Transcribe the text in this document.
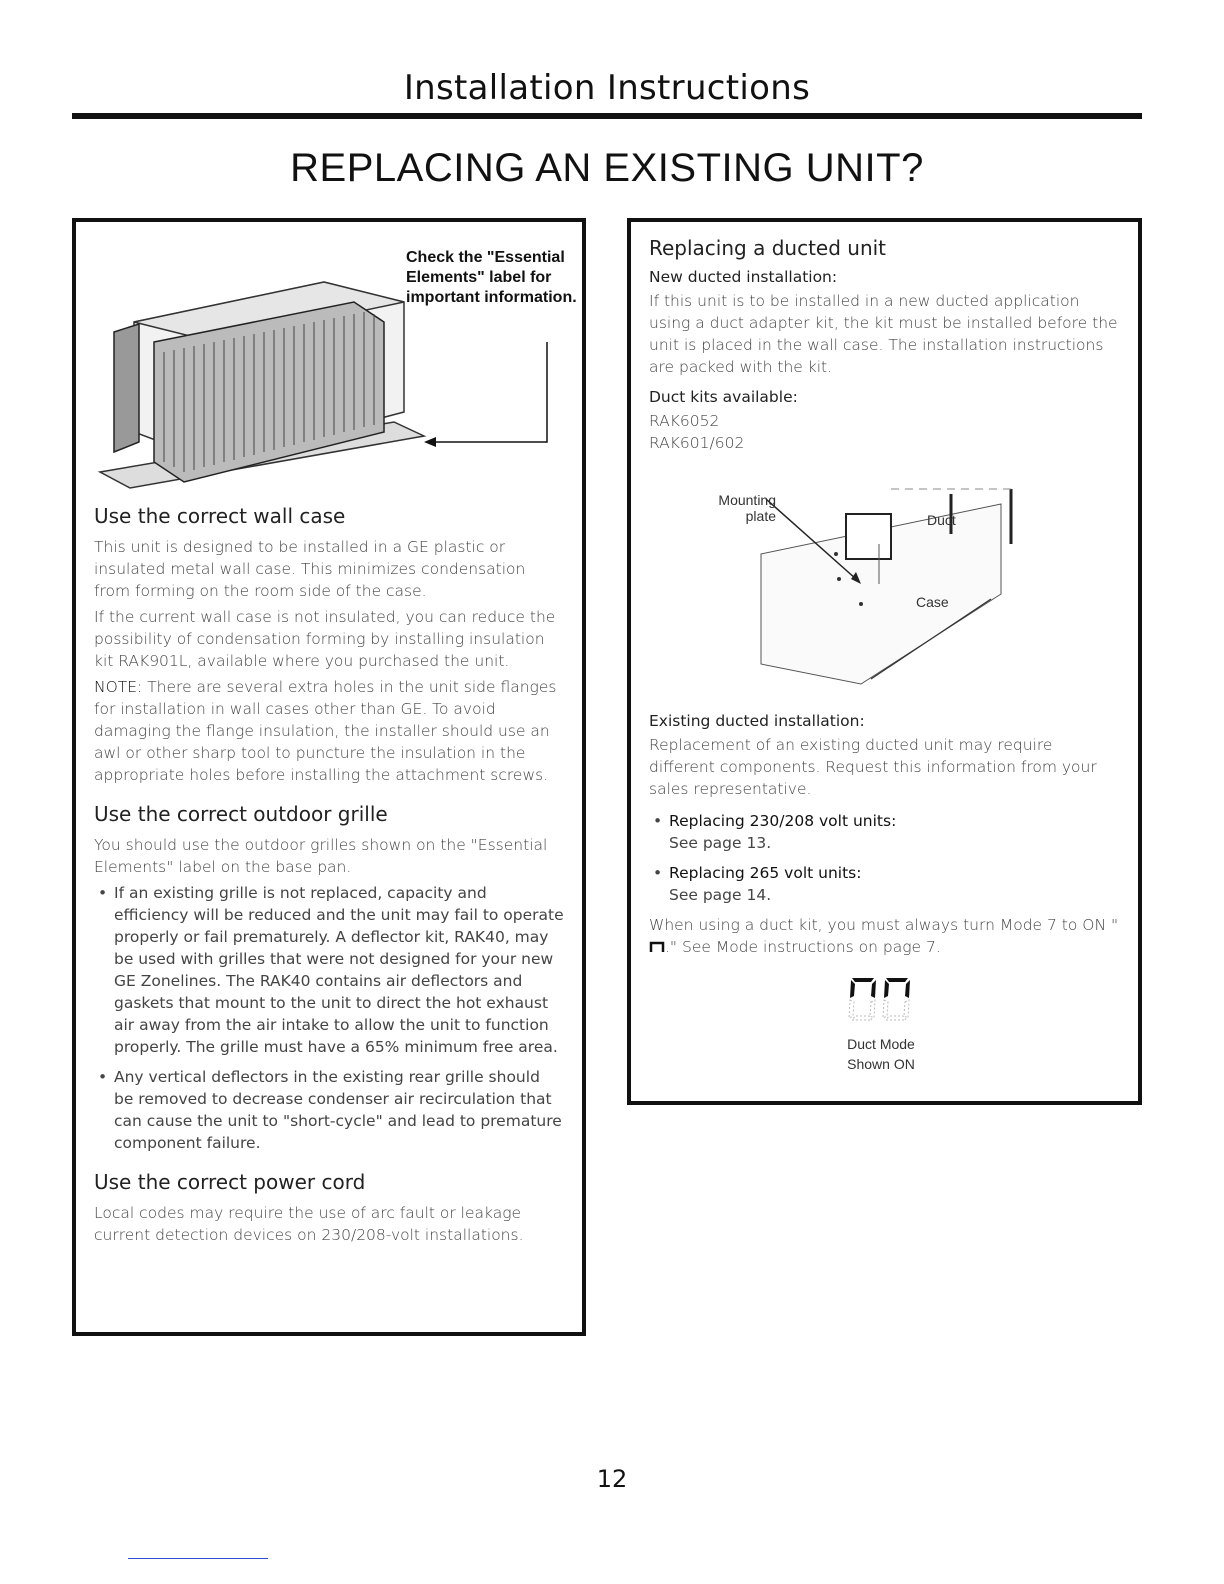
Installation Instructions
REPLACING AN EXISTING UNIT?
Check the "Essential Elements" label for important information.
Use the correct wall case

This unit is designed to be installed in a GE plastic or insulated metal wall case. This minimizes condensation from forming on the room side of the case.

If the current wall case is not insulated, you can reduce the possibility of condensation forming by installing insulation kit RAK901L, available where you purchased the unit.

NOTE: There are several extra holes in the unit side flanges for installation in wall cases other than GE. To avoid damaging the flange insulation, the installer should use an awl or other sharp tool to puncture the insulation in the appropriate holes before installing the attachment screws.

Use the correct outdoor grille

You should use the outdoor grilles shown on the "Essential Elements" label on the base pan.

• If an existing grille is not replaced, capacity and efficiency will be reduced and the unit may fail to operate properly or fail prematurely. A deflector kit, RAK40, may be used with grilles that were not designed for your new GE Zonelines. The RAK40 contains air deflectors and gaskets that mount to the unit to direct the hot exhaust air away from the air intake to allow the unit to function properly. The grille must have a 65% minimum free area.
• Any vertical deflectors in the existing rear grille should be removed to decrease condenser air recirculation that can cause the unit to "short-cycle" and lead to premature component failure.
Use the correct power cord

Local codes may require the use of arc fault or leakage current detection devices on 230/208-volt installations.

Replacing a ducted unit
New ducted installation:

If this unit is to be installed in a new ducted application using a duct adapter kit, the kit must be installed before the unit is placed in the wall case. The installation instructions are packed with the kit.

Duct kits available:

RAK6052

RAK601/602

Mounting plate	Duct
Case
Existing ducted installation:

Replacement of an existing ducted unit may require different components. Request this information from your sales representative.

• Replacing 230/208 volt units:
See page 13.
• Replacing 265 volt units:
See page 14.

When using a duct kit, you must always turn Mode 7 to ON "." See Mode instructions on page 7.

Duct Mode
Shown ON
12
